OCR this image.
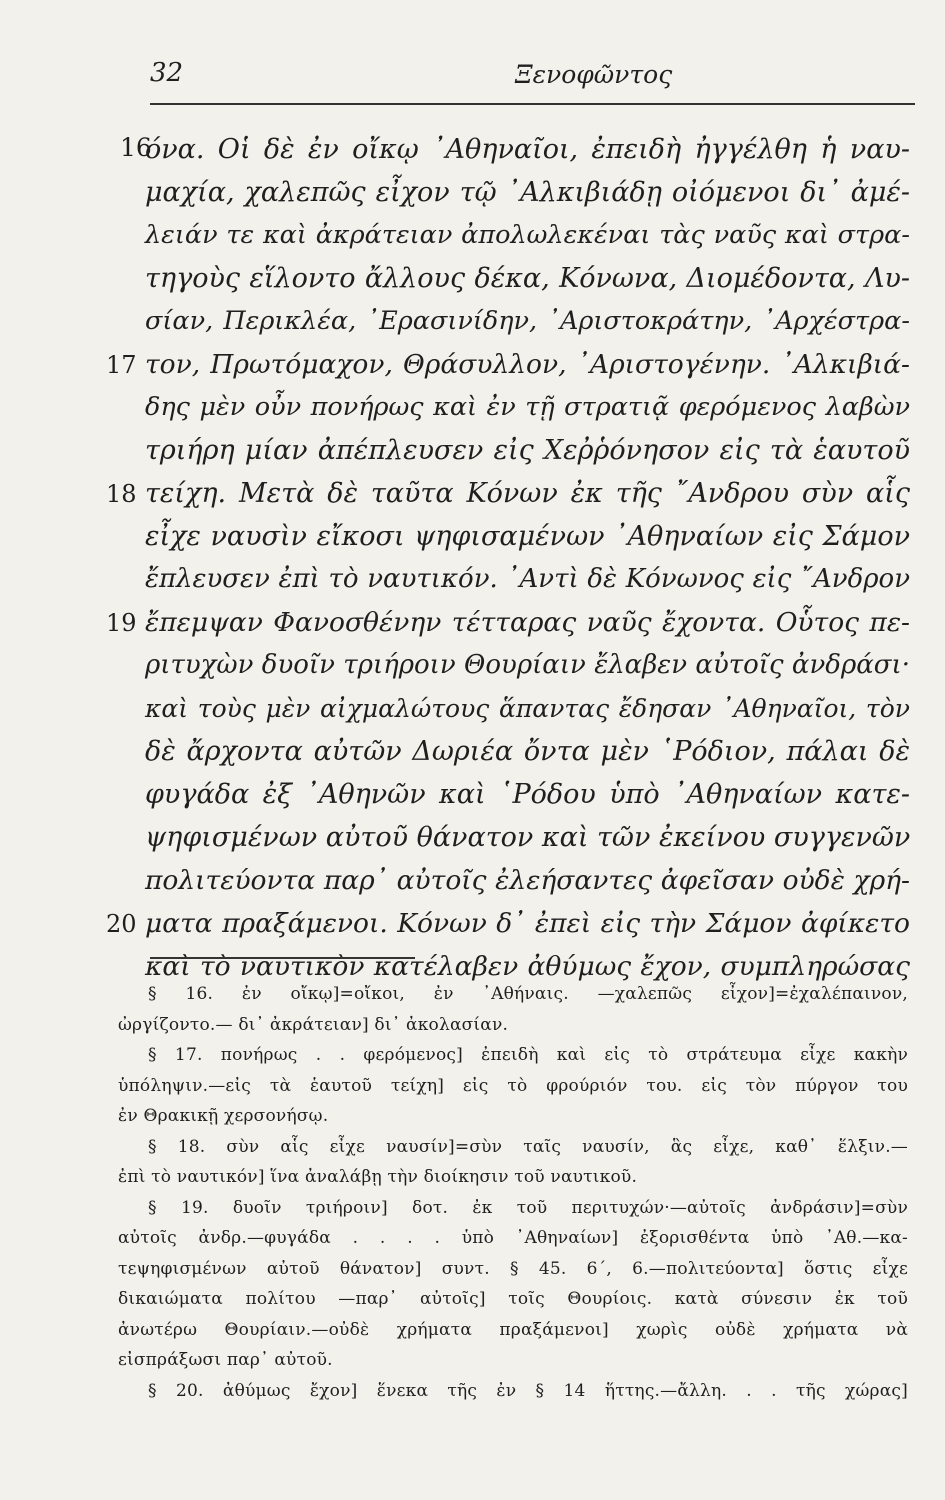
32	Ξενοφῶντος
16
όνα. Οἱ δὲ ἐν οἴκῳ ᾿Αθηναῖοι, ἐπειδὴ ἠγγέλθη ἡ ναυ-
μαχία, χαλεπῶς εἶχον τῷ ᾿Αλκιβιάδῃ οἰόμενοι δι᾿ ἀμέ-
λειάν τε καὶ ἀκράτειαν ἀπολωλεκέναι τὰς ναῦς καὶ στρα-
τηγοὺς εἵλοντο ἄλλους δέκα, Κόνωνα, Διομέδοντα, Λυ-
σίαν, Περικλέα, ᾿Ερασινίδην, ᾿Αριστοκράτην, ᾿Αρχέστρα-
17 τον, Πρωτόμαχον, Θράσυλλον, ᾿Αριστογένην. ᾿Αλκιβιά-
δης μὲν οὖν πονήρως καὶ ἐν τῇ στρατιᾷ φερόμενος λαβὼν
τριήρη μίαν ἀπέπλευσεν εἰς Χεῤῥόνησον εἰς τὰ ἑαυτοῦ
18 τείχη. Μετὰ δὲ ταῦτα Κόνων ἐκ τῆς ῎Ανδρου σὺν αἷς
εἶχε ναυσὶν εἴκοσι ψηφισαμένων ᾿Αθηναίων εἰς Σάμον
ἔπλευσεν ἐπὶ τὸ ναυτικόν. ᾿Αντὶ δὲ Κόνωνος εἰς ῎Ανδρον
19 ἔπεμψαν Φανοσθένην τέτταρας ναῦς ἔχοντα. Οὗτος πε-
ριτυχὼν δυοῖν τριήροιν Θουρίαιν ἔλαβεν αὐτοῖς ἀνδράσι·
καὶ τοὺς μὲν αἰχμαλώτους ἅπαντας ἔδησαν ᾿Αθηναῖοι, τὸν
δὲ ἄρχοντα αὐτῶν Δωριέα ὄντα μὲν ῾Ρόδιον, πάλαι δὲ
φυγάδα ἐξ ᾿Αθηνῶν καὶ ῾Ρόδου ὑπὸ ᾿Αθηναίων κατε-
ψηφισμένων αὐτοῦ θάνατον καὶ τῶν ἐκείνου συγγενῶν
πολιτεύοντα παρ᾿ αὐτοῖς ἐλεήσαντες ἀφεῖσαν οὐδὲ χρή-
20 ματα πραξάμενοι. Κόνων δ᾿ ἐπεὶ εἰς τὴν Σάμον ἀφίκετο
καὶ τὸ ναυτικὸν κατέλαβεν ἀθύμως ἔχον, συμπληρώσας
§ 16. ἐν οἴκῳ]=οἴκοι, ἐν ᾿Αθήναις. —χαλεπῶς εἶχον]=ἐχαλέπαινον,
ὠργίζοντο.— δι᾿ ἀκράτειαν] δι᾿ ἀκολασίαν.
§ 17. πονήρως . . φερόμενος] ἐπειδὴ καὶ εἰς τὸ στράτευμα εἶχε κακὴν
ὑπόληψιν.—εἰς τὰ ἑαυτοῦ τείχη] εἰς τὸ φρούριόν του. εἰς τὸν πύργον του
ἐν Θρακικῇ χερσονήσῳ.
§ 18. σὺν αἷς εἶχε ναυσίν]=σὺν ταῖς ναυσίν, ἃς εἶχε, καθ᾿ ἕλξιν.—
ἐπὶ τὸ ναυτικόν] ἵνα ἀναλάβῃ τὴν διοίκησιν τοῦ ναυτικοῦ.
§ 19. δυοῖν τριήροιν] δοτ. ἐκ τοῦ περιτυχών·—αὐτοῖς ἀνδράσιν]=σὺν
αὐτοῖς ἀνδρ.—φυγάδα . . . . ὑπὸ ᾿Αθηναίων] ἐξορισθέντα ὑπὸ ᾿Αθ.—κα-
τεψηφισμένων αὐτοῦ θάνατον] συντ. § 45. 6΄, 6.—πολιτεύοντα] ὅστις εἶχε
δικαιώματα πολίτου —παρ᾿ αὐτοῖς] τοῖς Θουρίοις. κατὰ σύνεσιν ἐκ τοῦ
ἀνωτέρω Θουρίαιν.—οὐδὲ χρήματα πραξάμενοι] χωρὶς οὐδὲ χρήματα νὰ
εἰσπράξωσι παρ᾿ αὐτοῦ.
§ 20. ἀθύμως ἔχον] ἕνεκα τῆς ἐν § 14 ἥττης.—ἄλλη. . . τῆς χώρας]
